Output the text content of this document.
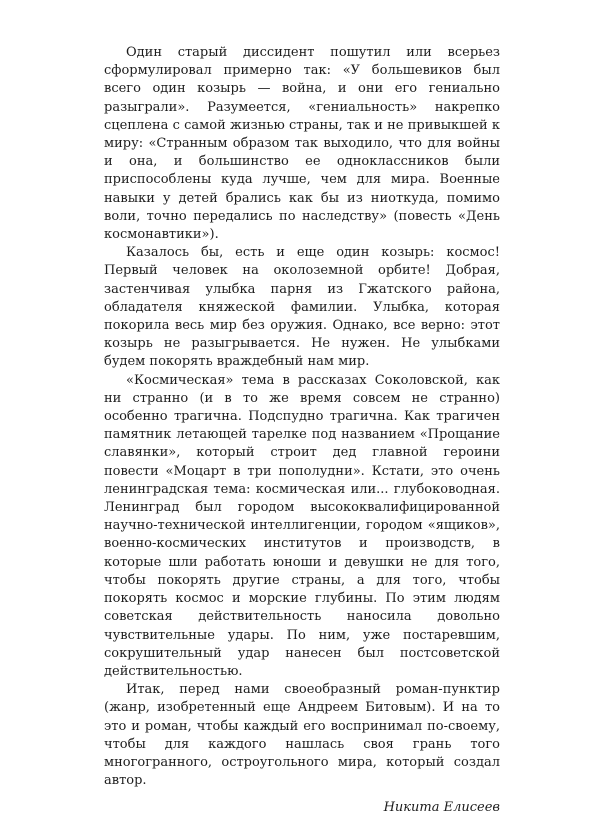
Один старый диссидент пошутил или всерьез сформулировал примерно так: «У большевиков был всего один козырь — война, и они его гениально разыграли». Разумеется, «гениальность» накрепко сцеплена с самой жизнью страны, так и не привыкшей к миру: «Странным образом так выходило, что для войны и она, и большинство ее одноклассников были приспособлены куда лучше, чем для мира. Военные навыки у детей брались как бы из ниоткуда, помимо воли, точно передались по наследству» (повесть «День космонавтики»).

Казалось бы, есть и еще один козырь: космос! Первый человек на околоземной орбите! Добрая, застенчивая улыбка парня из Гжатского района, обладателя княжеской фамилии. Улыбка, которая покорила весь мир без оружия. Однако, все верно: этот козырь не разыгрывается. Не нужен. Не улыбками будем покорять враждебный нам мир.

«Космическая» тема в рассказах Соколовской, как ни странно (и в то же время совсем не странно) особенно трагична. Подспудно трагична. Как трагичен памятник летающей тарелке под названием «Прощание славянки», который строит дед главной героини повести «Моцарт в три пополудни». Кстати, это очень ленинградская тема: космическая или... глубоководная. Ленинград был городом высококвалифицированной научно-технической интеллигенции, городом «ящиков», военно-космических институтов и производств, в которые шли работать юноши и девушки не для того, чтобы покорять другие страны, а для того, чтобы покорять космос и морские глубины. По этим людям советская действительность наносила довольно чувствительные удары. По ним, уже постаревшим, сокрушительный удар нанесен был постсоветской действительностью.

Итак, перед нами своеобразный роман-пунктир (жанр, изобретенный еще Андреем Битовым). И на то это и роман, чтобы каждый его воспринимал по-своему, чтобы для каждого нашлась своя грань того многогранного, остроугольного мира, который создал автор.

Никита Елисеев
